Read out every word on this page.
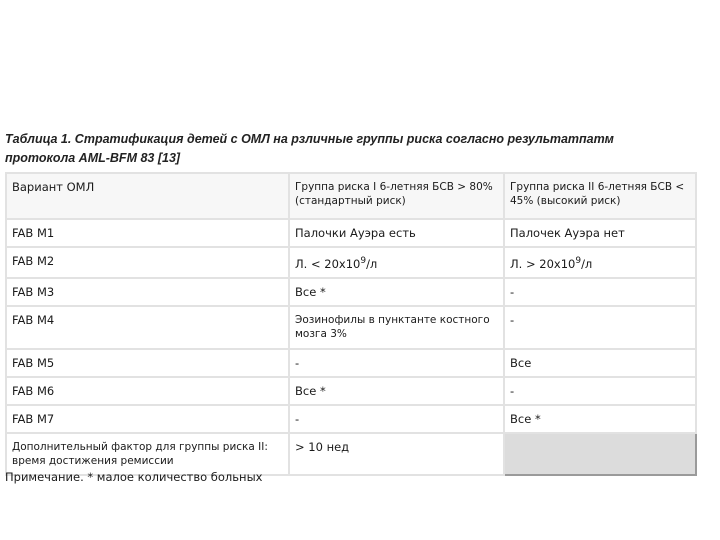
Таблица 1. Стратификация детей с ОМЛ на рзличные группы риска согласно результатпатм протокола AML-BFM 83 [13]
Вариант ОМЛ	Группа риска I 6-летняя БСВ > 80% (стандартный риск)	Группа риска II 6-летняя БСВ < 45% (высокий риск)
FAB M1	Палочки Ауэра есть	Палочек Ауэра нет
FAB M2	Л. < $20х10^9/л$	Л. > $20х10^9/л$
FAB M3	Все *	-
FAB M4	Эозинофилы в пунктанте костного мозга 3%	-
FAB M5	-	Все
FAB M6	Все *	-
FAB M7	-	Все *
Дополнительный фактор для группы риска II: время достижения ремиссии	> 10 нед	
Примечание. * малое количество больных
